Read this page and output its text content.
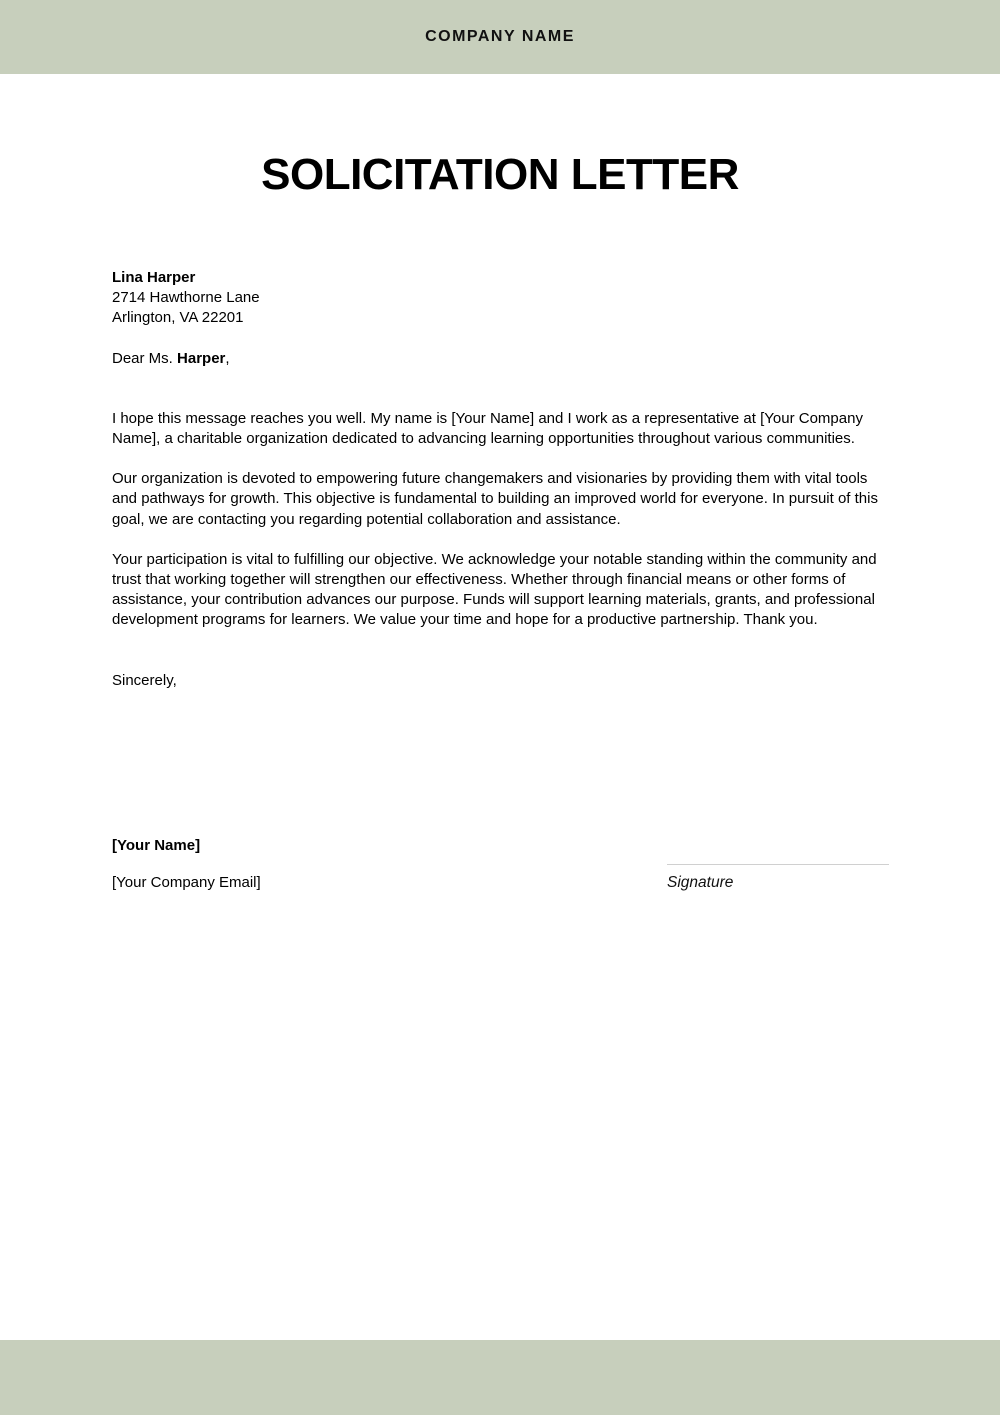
COMPANY NAME
SOLICITATION LETTER
Lina Harper
2714 Hawthorne Lane
Arlington, VA 22201
Dear Ms. Harper,

I hope this message reaches you well. My name is [Your Name] and I work as a representative at [Your Company Name], a charitable organization dedicated to advancing learning opportunities throughout various communities.

Our organization is devoted to empowering future changemakers and visionaries by providing them with vital tools and pathways for growth. This objective is fundamental to building an improved world for everyone. In pursuit of this goal, we are contacting you regarding potential collaboration and assistance.

Your participation is vital to fulfilling our objective. We acknowledge your notable standing within the community and trust that working together will strengthen our effectiveness. Whether through financial means or other forms of assistance, your contribution advances our purpose. Funds will support learning materials, grants, and professional development programs for learners. We value your time and hope for a productive partnership. Thank you.

Sincerely,
[Your Name]
[Your Company Email]	Signature
